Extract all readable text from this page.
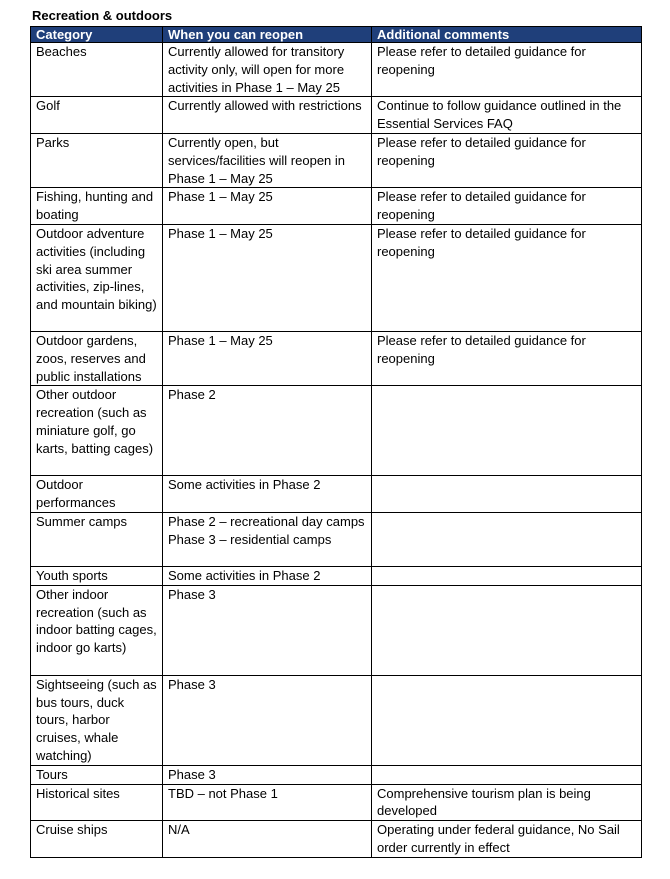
Recreation & outdoors
Category	When you can reopen	Additional comments
Beaches	Currently allowed for transitory activity only, will open for more activities in Phase 1 – May 25	Please refer to detailed guidance for reopening
Golf	Currently allowed with restrictions	Continue to follow guidance outlined in the Essential Services FAQ
Parks	Currently open, but services/facilities will reopen in Phase 1 – May 25	Please refer to detailed guidance for reopening
Fishing, hunting and boating	Phase 1 – May 25	Please refer to detailed guidance for reopening
Outdoor adventure activities (including ski area summer activities, zip-lines, and mountain biking)	Phase 1 – May 25	Please refer to detailed guidance for reopening
Outdoor gardens, zoos, reserves and public installations	Phase 1 – May 25	Please refer to detailed guidance for reopening
Other outdoor recreation (such as miniature golf, go karts, batting cages)	Phase 2	

Outdoor performances	Some activities in Phase 2	

Summer camps	Phase 2 – recreational day camps
Phase 3 – residential camps	

Youth sports	Some activities in Phase 2	

Other indoor recreation (such as indoor batting cages, indoor go karts)	Phase 3	

Sightseeing (such as bus tours, duck tours, harbor cruises, whale watching)	Phase 3	

Tours	Phase 3	

Historical sites	TBD – not Phase 1	Comprehensive tourism plan is being developed
Cruise ships	N/A	Operating under federal guidance, No Sail order currently in effect
